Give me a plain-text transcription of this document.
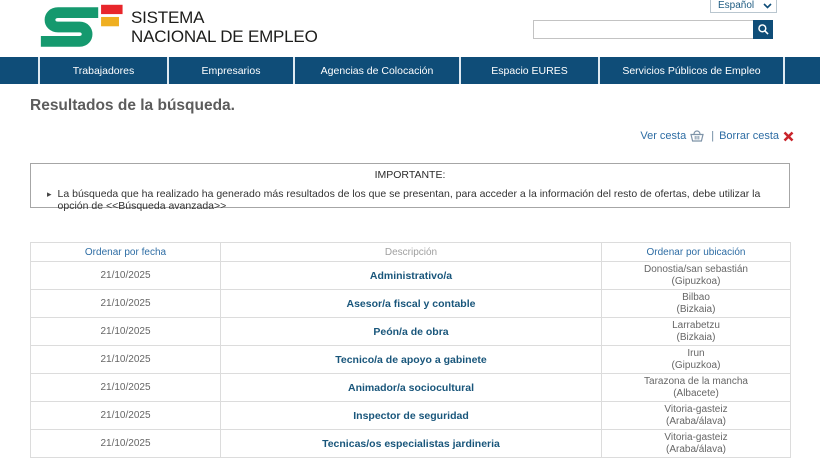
SISTEMA
NACIONAL DE EMPLEO
Español
Trabajadores	Empresarios	Agencias de Colocación	Espacio EURES	Servicios Públicos de Empleo
Resultados de la búsqueda.
Ver cesta | Borrar cesta
IMPORTANTE:
▸ La búsqueda que ha realizado ha generado más resultados de los que se presentan, para acceder a la información del resto de ofertas, debe utilizar la opción de <<Búsqueda avanzada>>
Ordenar por fecha	Descripción	Ordenar por ubicación
21/10/2025	Administrativo/a	Donostia/san sebastián
(Gipuzkoa)

21/10/2025	Asesor/a fiscal y contable	Bilbao
(Bizkaia)

21/10/2025	Peón/a de obra	Larrabetzu
(Bizkaia)

21/10/2025	Tecnico/a de apoyo a gabinete	Irun
(Gipuzkoa)

21/10/2025	Animador/a sociocultural	Tarazona de la mancha
(Albacete)

21/10/2025	Inspector de seguridad	Vitoria-gasteiz
(Araba/álava)

21/10/2025	Tecnicas/os especialistas jardineria	Vitoria-gasteiz
(Araba/álava)
